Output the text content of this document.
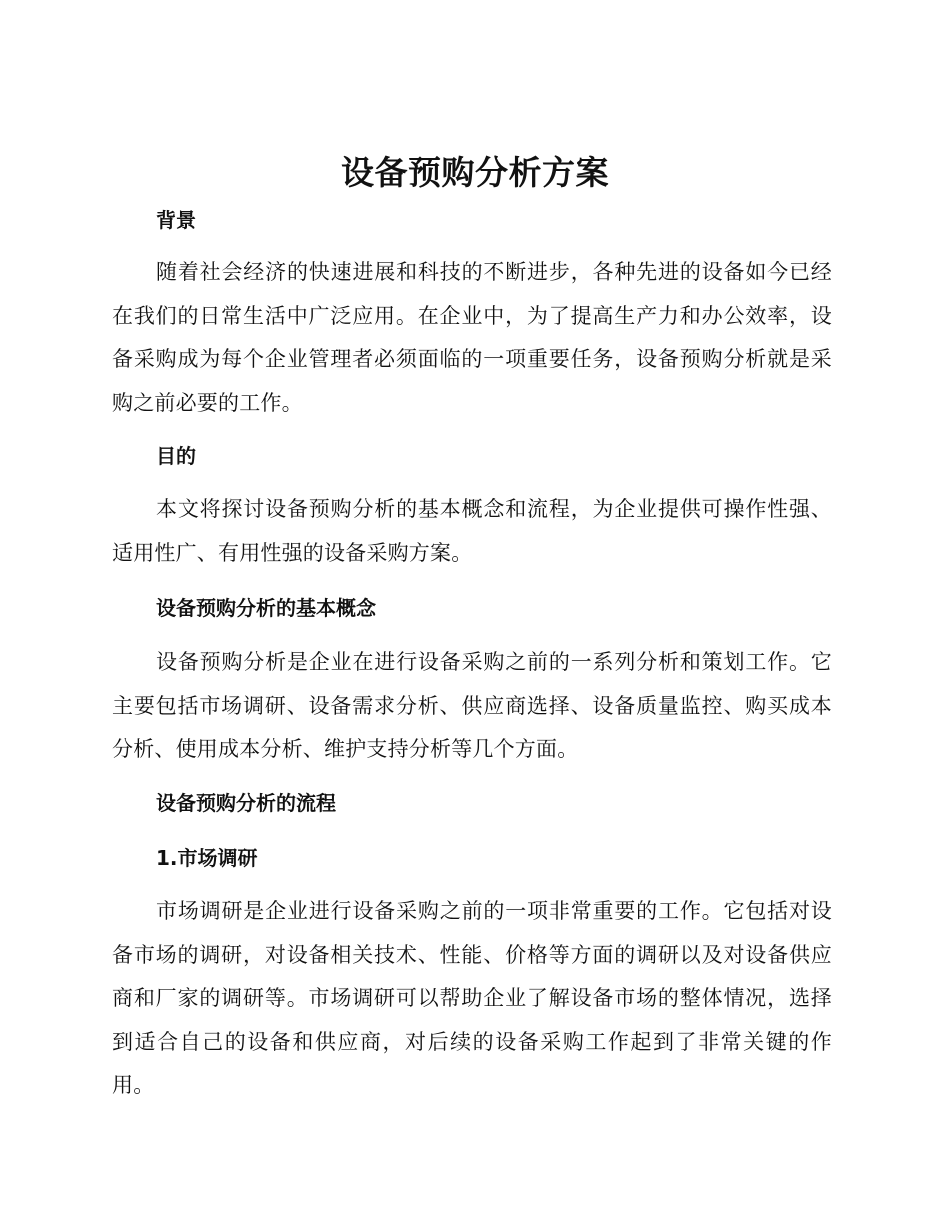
设备预购分析方案
背景

随着社会经济的快速进展和科技的不断进步，各种先进的设备如今已经在我们的日常生活中广泛应用。在企业中，为了提高生产力和办公效率，设备采购成为每个企业管理者必须面临的一项重要任务，设备预购分析就是采购之前必要的工作。

目的

本文将探讨设备预购分析的基本概念和流程，为企业提供可操作性强、适用性广、有用性强的设备采购方案。

设备预购分析的基本概念

设备预购分析是企业在进行设备采购之前的一系列分析和策划工作。它主要包括市场调研、设备需求分析、供应商选择、设备质量监控、购买成本分析、使用成本分析、维护支持分析等几个方面。

设备预购分析的流程
1.市场调研

市场调研是企业进行设备采购之前的一项非常重要的工作。它包括对设备市场的调研，对设备相关技术、性能、价格等方面的调研以及对设备供应商和厂家的调研等。市场调研可以帮助企业了解设备市场的整体情况，选择到适合自己的设备和供应商，对后续的设备采购工作起到了非常关键的作用。
